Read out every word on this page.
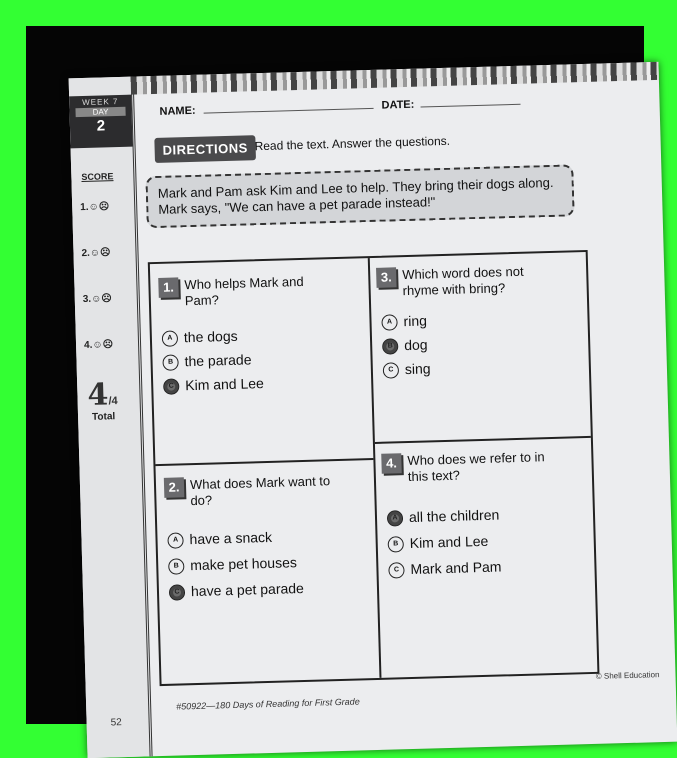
WEEK 7
DAY
2
SCORE
1.☺☹
2.☺☹
3.☺☹
4.☺☹
4/4
Total
52
NAME:	DATE:
DIRECTIONS Read the text. Answer the questions.
Mark and Pam ask Kim and Lee to help. They bring their dogs along. Mark says, "We can have a pet parade instead!"
1. Who helps Mark and Pam?
A the dogs
B the parade
C Kim and Lee
2. What does Mark want to do?
A have a snack
B make pet houses
C have a pet parade
3. Which word does not rhyme with bring?
A ring
B dog
C sing
4. Who does we refer to in this text?
A all the children
B Kim and Lee
C Mark and Pam
© Shell Education
#50922—180 Days of Reading for First Grade
